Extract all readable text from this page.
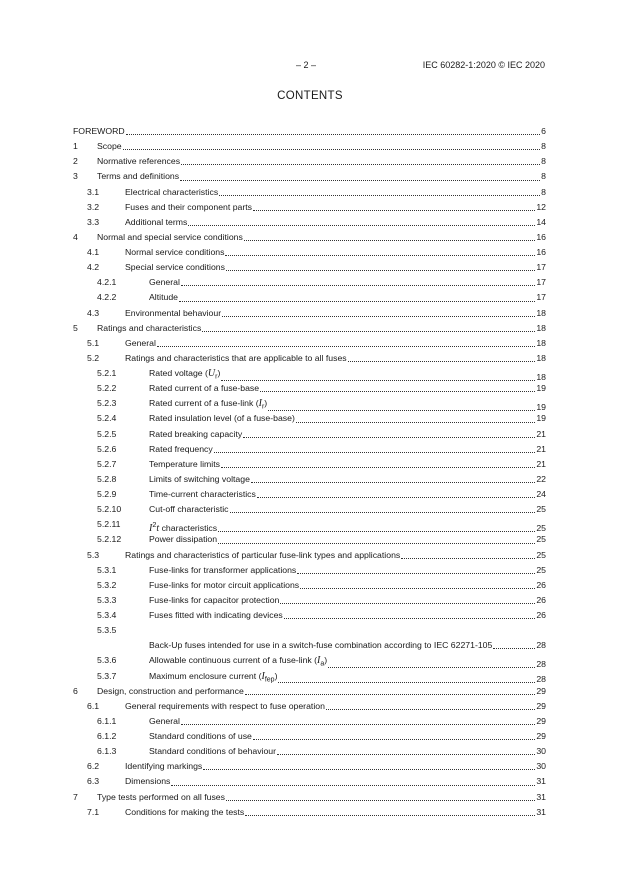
– 2 –	IEC 60282-1:2020 © IEC 2020
CONTENTS
FOREWORD	6
1 Scope	8
2 Normative references	8
3 Terms and definitions	8
3.1	Electrical characteristics	8
3.2	Fuses and their component parts	12
3.3	Additional terms	14
4 Normal and special service conditions	16
4.1	Normal service conditions	16
4.2	Special service conditions	17
4.2.1	General	17
4.2.2	Altitude	17
4.3	Environmental behaviour	18
5 Ratings and characteristics	18
5.1	General	18
5.2	Ratings and characteristics that are applicable to all fuses	18
5.2.1	Rated voltage $(U_r)$	18
5.2.2	Rated current of a fuse-base	19
5.2.3	Rated current of a fuse-link $(I_r)$	19
5.2.4	Rated insulation level (of a fuse-base)	19
5.2.5	Rated breaking capacity	21
5.2.6	Rated frequency	21
5.2.7	Temperature limits	21
5.2.8	Limits of switching voltage	22
5.2.9	Time-current characteristics	24
5.2.10	Cut-off characteristic	25
5.2.11	$I^2t$ characteristics	25
5.2.12	Power dissipation	25
5.3	Ratings and characteristics of particular fuse-link types and applications	25
5.3.1	Fuse-links for transformer applications	25
5.3.2	Fuse-links for motor circuit applications	26
5.3.3	Fuse-links for capacitor protection	26
5.3.4	Fuses fitted with indicating devices	26
5.3.5
Back-Up fuses intended for use in a switch-fuse combination according to IEC 62271-105	28
5.3.6	Allowable continuous current of a fuse-link $(I_a)$	28
5.3.7	Maximum enclosure current $(I_{fep})$	28
6 Design, construction and performance	29
6.1	General requirements with respect to fuse operation	29
6.1.1	General	29
6.1.2	Standard conditions of use	29
6.1.3	Standard conditions of behaviour	30
6.2	Identifying markings	30
6.3	Dimensions	31
7 Type tests performed on all fuses	31
7.1	Conditions for making the tests	31
